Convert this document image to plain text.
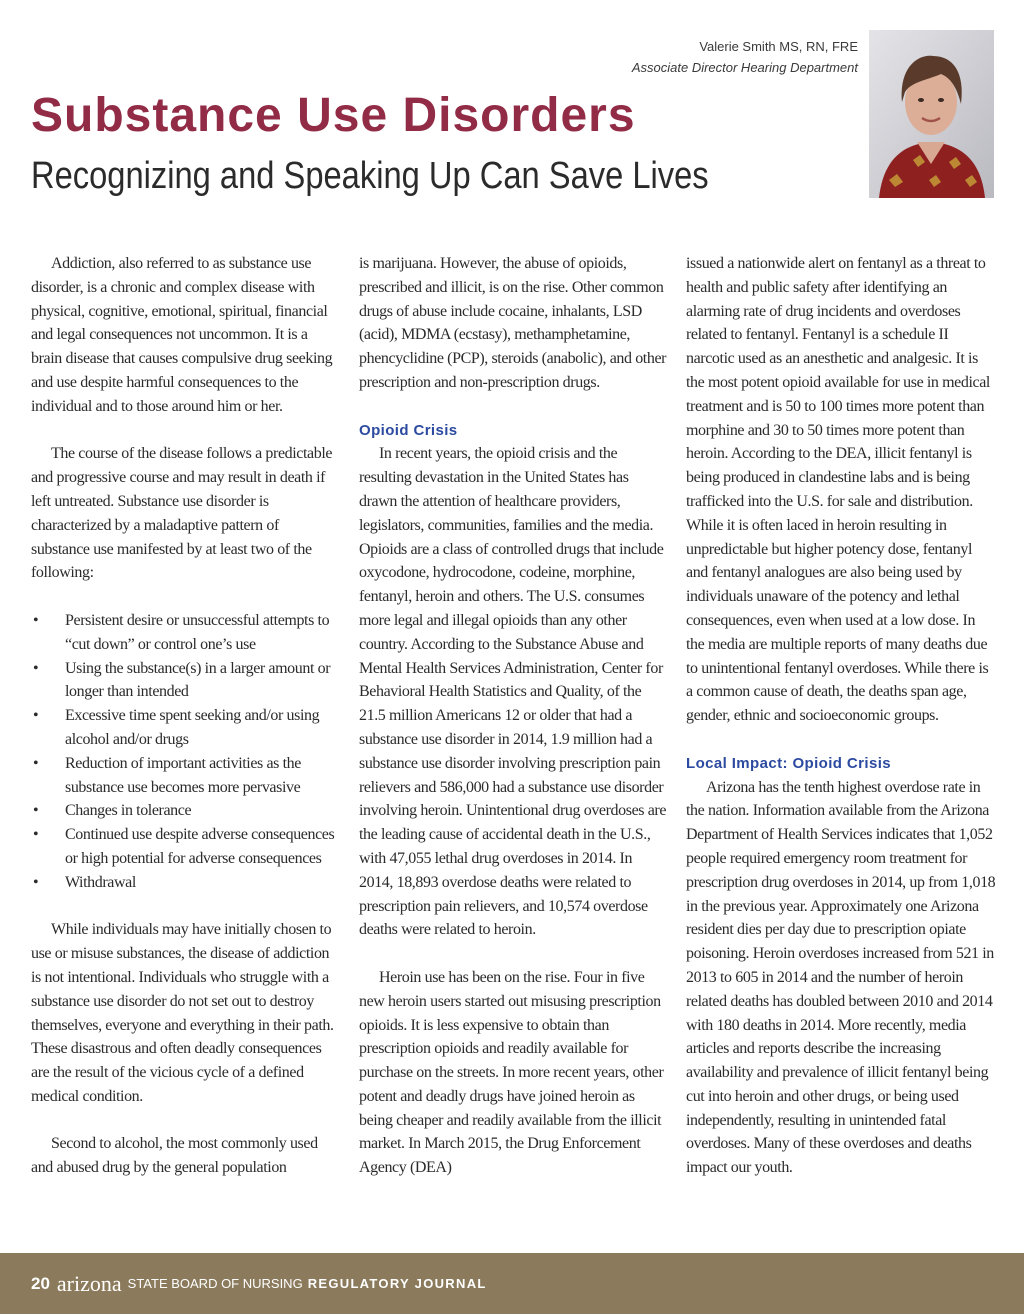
Valerie Smith MS, RN, FRE
Associate Director Hearing Department
Substance Use Disorders
Recognizing and Speaking Up Can Save Lives

Addiction, also referred to as substance use disorder, is a chronic and complex disease with physical, cognitive, emotional, spiritual, financial and legal consequences not uncommon. It is a brain disease that causes compulsive drug seeking and use despite harmful consequences to the individual and to those around him or her.

The course of the disease follows a predictable and progressive course and may result in death if left untreated. Substance use disorder is characterized by a maladaptive pattern of substance use manifested by at least two of the following:

• Persistent desire or unsuccessful attempts to “cut down” or control one’s use
• Using the substance(s) in a larger amount or longer than intended
• Excessive time spent seeking and/or using alcohol and/or drugs
• Reduction of important activities as the substance use becomes more pervasive
• Changes in tolerance
• Continued use despite adverse consequences or high potential for adverse consequences
• Withdrawal

While individuals may have initially chosen to use or misuse substances, the disease of addiction is not intentional. Individuals who struggle with a substance use disorder do not set out to destroy themselves, everyone and everything in their path. These disastrous and often deadly consequences are the result of the vicious cycle of a defined medical condition.

Second to alcohol, the most commonly used and abused drug by the general population

is marijuana. However, the abuse of opioids, prescribed and illicit, is on the rise. Other common drugs of abuse include cocaine, inhalants, LSD (acid), MDMA (ecstasy), methamphetamine, phencyclidine (PCP), steroids (anabolic), and other prescription and non-prescription drugs.

Opioid Crisis

In recent years, the opioid crisis and the resulting devastation in the United States has drawn the attention of healthcare providers, legislators, communities, families and the media. Opioids are a class of controlled drugs that include oxycodone, hydrocodone, codeine, morphine, fentanyl, heroin and others. The U.S. consumes more legal and illegal opioids than any other country. According to the Substance Abuse and Mental Health Services Administration, Center for Behavioral Health Statistics and Quality, of the 21.5 million Americans 12 or older that had a substance use disorder in 2014, 1.9 million had a substance use disorder involving prescription pain relievers and 586,000 had a substance use disorder involving heroin. Unintentional drug overdoses are the leading cause of accidental death in the U.S., with 47,055 lethal drug overdoses in 2014. In 2014, 18,893 overdose deaths were related to prescription pain relievers, and 10,574 overdose deaths were related to heroin.

Heroin use has been on the rise. Four in five new heroin users started out misusing prescription opioids. It is less expensive to obtain than prescription opioids and readily available for purchase on the streets. In more recent years, other potent and deadly drugs have joined heroin as being cheaper and readily available from the illicit market. In March 2015, the Drug Enforcement Agency (DEA)

issued a nationwide alert on fentanyl as a threat to health and public safety after identifying an alarming rate of drug incidents and overdoses related to fentanyl. Fentanyl is a schedule II narcotic used as an anesthetic and analgesic. It is the most potent opioid available for use in medical treatment and is 50 to 100 times more potent than morphine and 30 to 50 times more potent than heroin. According to the DEA, illicit fentanyl is being produced in clandestine labs and is being trafficked into the U.S. for sale and distribution. While it is often laced in heroin resulting in unpredictable but higher potency dose, fentanyl and fentanyl analogues are also being used by individuals unaware of the potency and lethal consequences, even when used at a low dose. In the media are multiple reports of many deaths due to unintentional fentanyl overdoses. While there is a common cause of death, the deaths span age, gender, ethnic and socioeconomic groups.

Local Impact: Opioid Crisis

Arizona has the tenth highest overdose rate in the nation. Information available from the Arizona Department of Health Services indicates that 1,052 people required emergency room treatment for prescription drug overdoses in 2014, up from 1,018 in the previous year. Approximately one Arizona resident dies per day due to prescription opiate poisoning. Heroin overdoses increased from 521 in 2013 to 605 in 2014 and the number of heroin related deaths has doubled between 2010 and 2014 with 180 deaths in 2014. More recently, media articles and reports describe the increasing availability and prevalence of illicit fentanyl being cut into heroin and other drugs, or being used independently, resulting in unintended fatal overdoses. Many of these overdoses and deaths impact our youth.

20 arizona STATE BOARD OF NURSING REGULATORY JOURNAL
